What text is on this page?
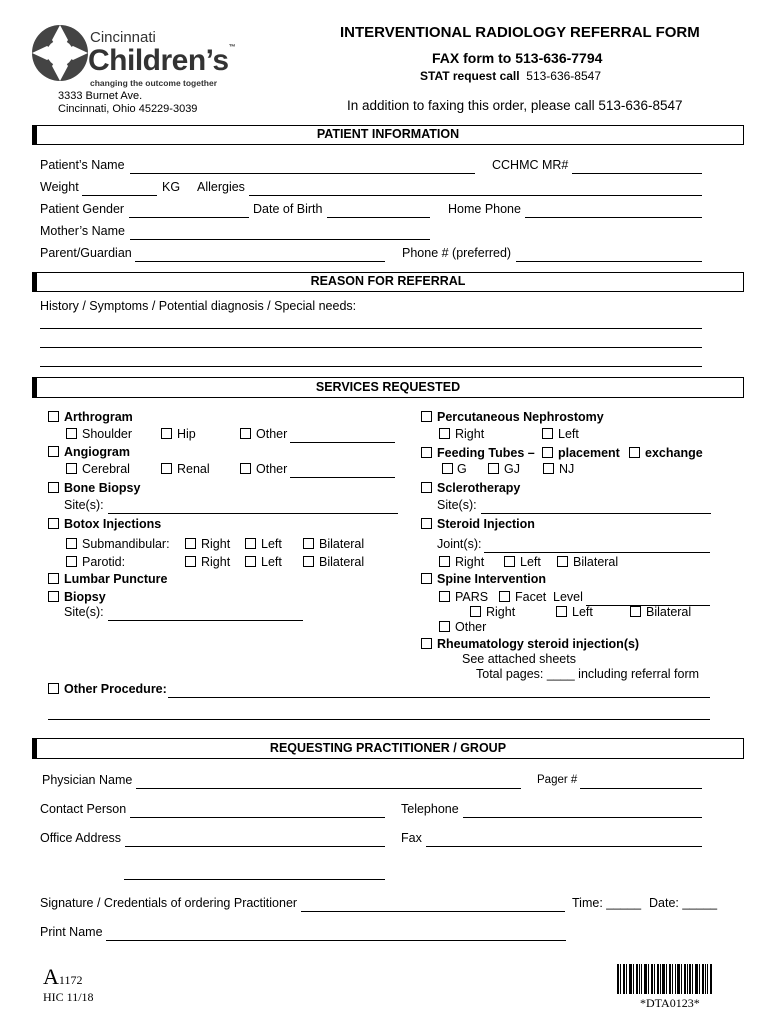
Cincinnati
Children’s™
changing the outcome together
3333 Burnet Ave.
Cincinnati, Ohio 45229-3039
INTERVENTIONAL RADIOLOGY REFERRAL FORM
FAX form to 513-636-7794
STAT request call 513-636-8547
In addition to faxing this order, please call 513-636-8547
PATIENT INFORMATION
Patient’s Name	CCHMC MR#
Weight	KG Allergies
Patient Gender	Date of Birth	Home Phone
Mother’s Name
Parent/Guardian	Phone # (preferred)
REASON FOR REFERRAL
History / Symptoms / Potential diagnosis / Special needs:
SERVICES REQUESTED
Arthrogram
Shoulder	Hip	Other
Angiogram
Cerebral	Renal	Other
Bone Biopsy
Site(s):
Botox Injections
Submandibular:	Right Left	Bilateral
Parotid:	Right Left	Bilateral
Lumbar Puncture
Biopsy
Site(s):
Percutaneous Nephrostomy
Right	Left
Feeding Tubes – placement exchange
G	GJ	NJ
Sclerotherapy
Site(s):
Steroid Injection
Joint(s):
Right	Left	Bilateral
Spine Intervention
PARS Facet Level
Right	Left	Bilateral
Other
Rheumatology steroid injection(s)
See attached sheets
Total pages: ____ including referral form
Other Procedure:
REQUESTING PRACTITIONER / GROUP
Physician Name	Pager #
Contact Person	Telephone
Office Address	Fax
Signature / Credentials of ordering Practitioner	Time: _____ Date: _____
Print Name
A1172
HIC 11/18	*DTA0123*
